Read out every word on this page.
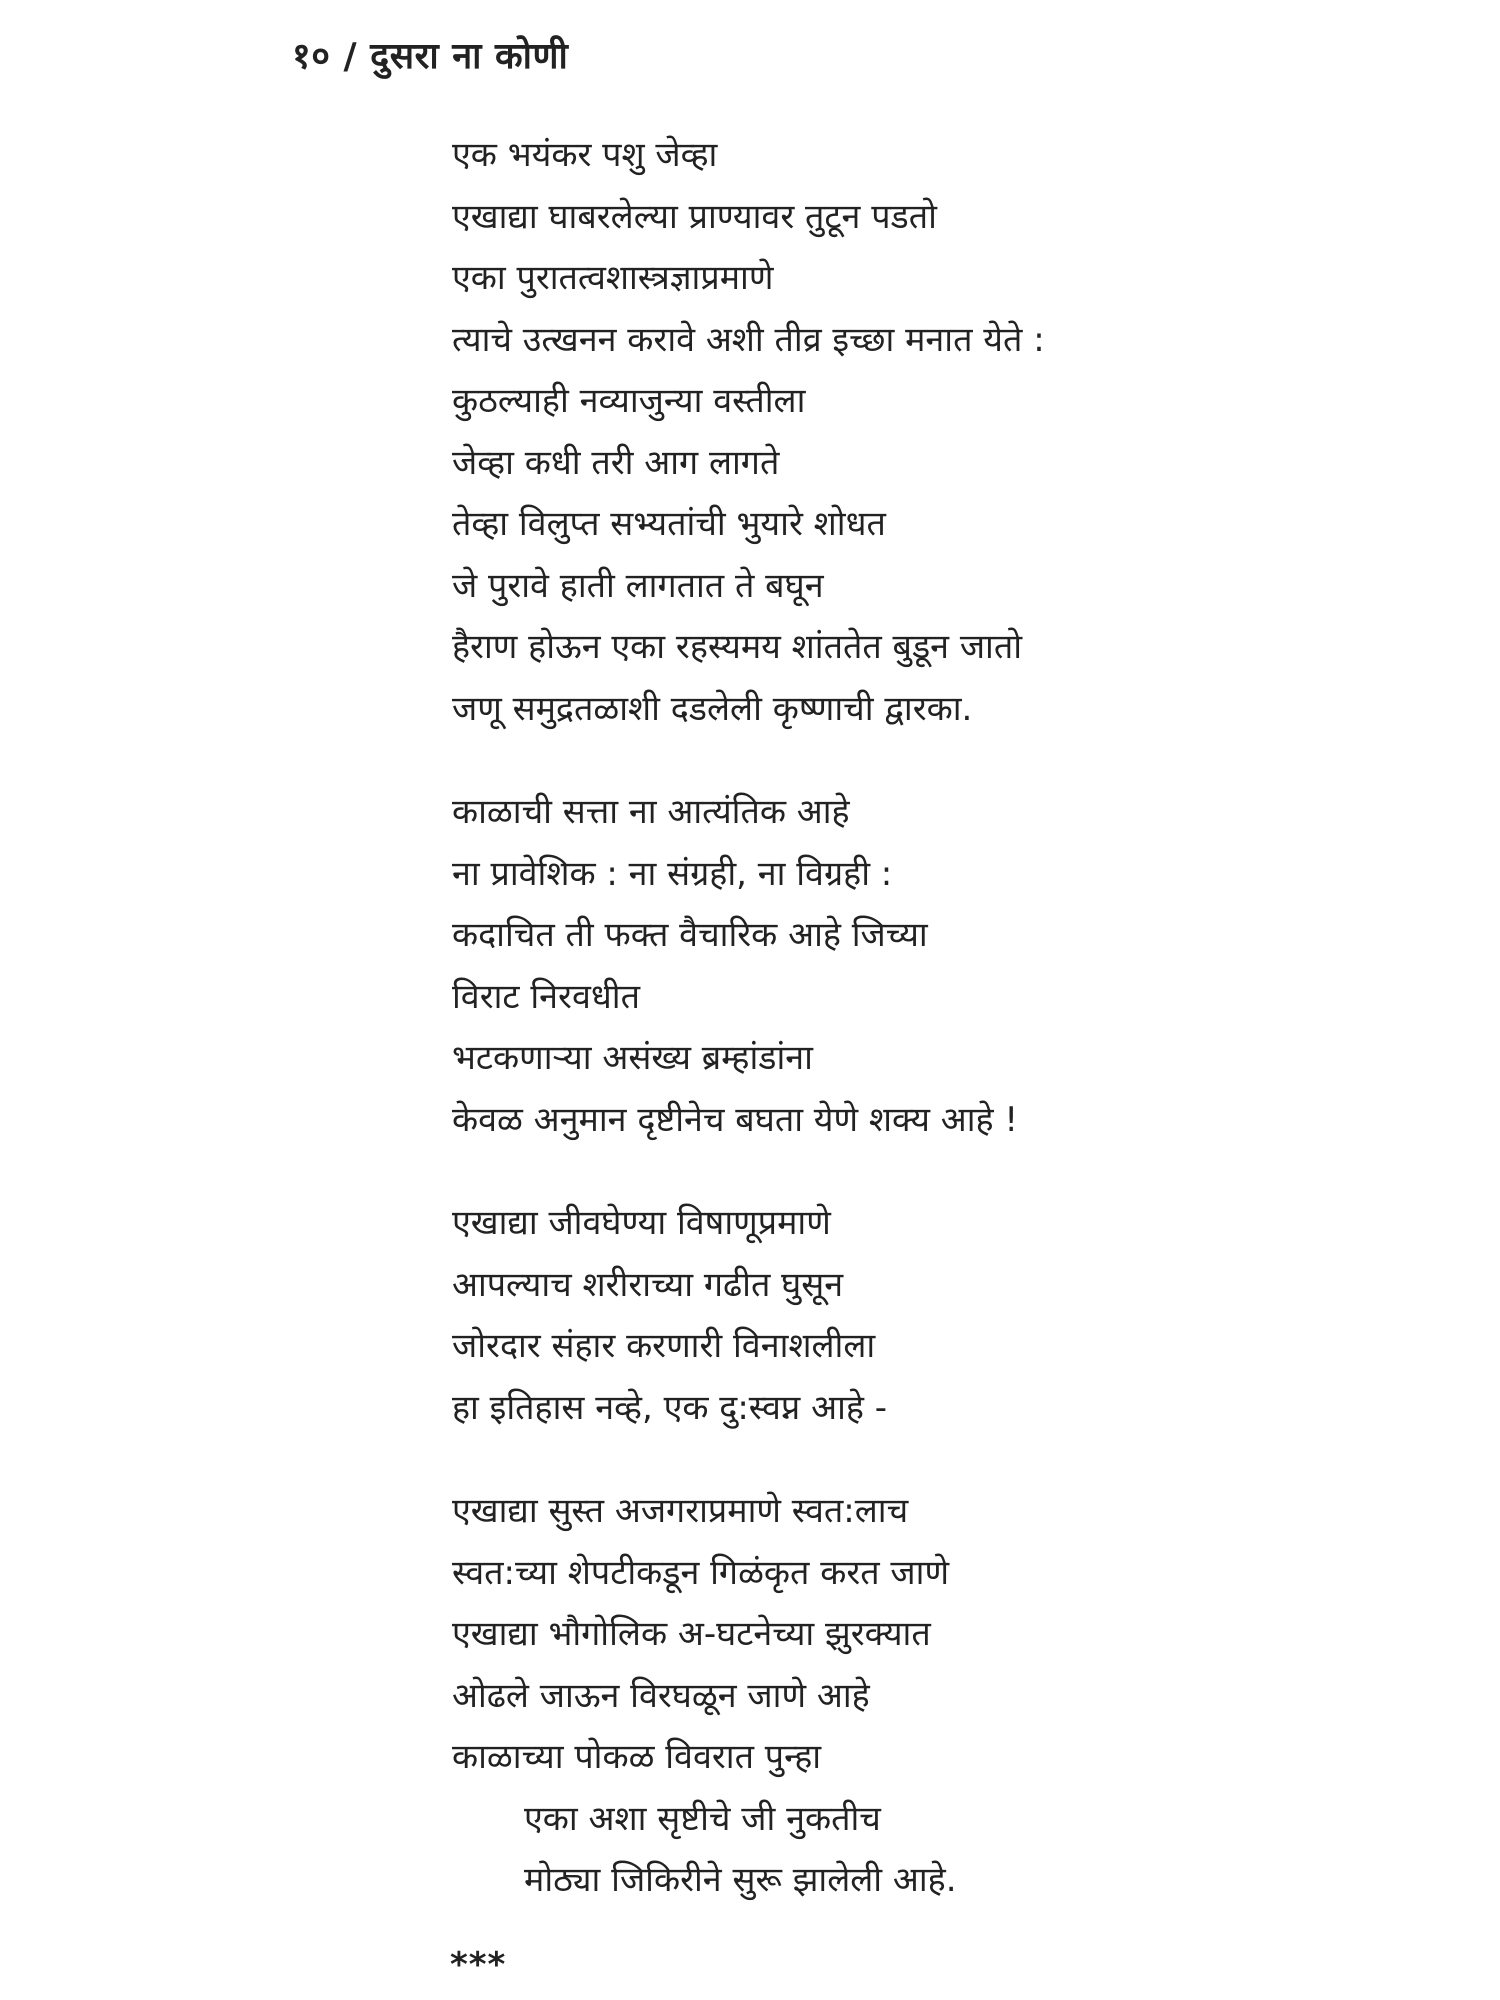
१० / दुसरा ना कोणी
एक भयंकर पशु जेव्हा
एखाद्या घाबरलेल्या प्राण्यावर तुटून पडतो
एका पुरातत्वशास्त्रज्ञाप्रमाणे
त्याचे उत्खनन करावे अशी तीव्र इच्छा मनात येते :
कुठल्याही नव्याजुन्या वस्तीला
जेव्हा कधी तरी आग लागते
तेव्हा विलुप्त सभ्यतांची भुयारे शोधत
जे पुरावे हाती लागतात ते बघून
हैराण होऊन एका रहस्यमय शांततेत बुडून जातो
जणू समुद्रतळाशी दडलेली कृष्णाची द्वारका.
काळाची सत्ता ना आत्यंतिक आहे
ना प्रावेशिक : ना संग्रही, ना विग्रही :
कदाचित ती फक्त वैचारिक आहे जिच्या
विराट निरवधीत
भटकणाऱ्या असंख्य ब्रम्हांडांना
केवळ अनुमान दृष्टीनेच बघता येणे शक्य आहे !
एखाद्या जीवघेण्या विषाणूप्रमाणे
आपल्याच शरीराच्या गढीत घुसून
जोरदार संहार करणारी विनाशलीला
हा इतिहास नव्हे, एक दु:स्वप्न आहे -
एखाद्या सुस्त अजगराप्रमाणे स्वत:लाच
स्वत:च्या शेपटीकडून गिळंकृत करत जाणे
एखाद्या भौगोलिक अ-घटनेच्या झुरक्यात
ओढले जाऊन विरघळून जाणे आहे
काळाच्या पोकळ विवरात पुन्हा
एका अशा सृष्टीचे जी नुकतीच
मोठ्या जिकिरीने सुरू झालेली आहे.
***
